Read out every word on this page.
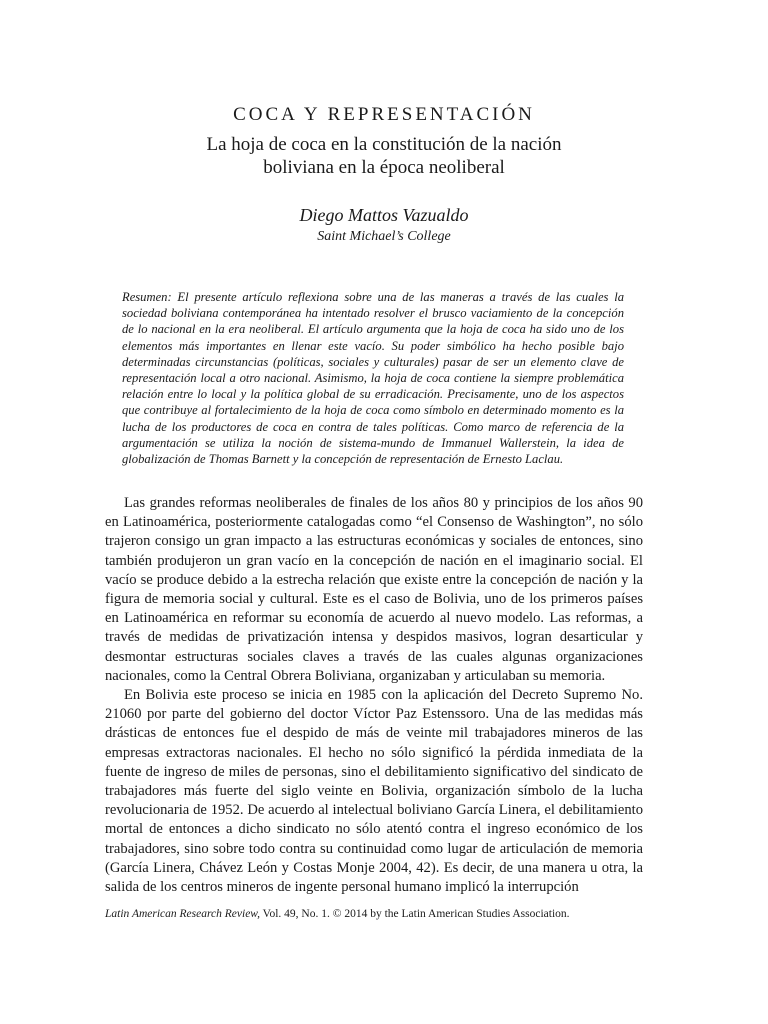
COCA Y REPRESENTACIÓN
La hoja de coca en la constitución de la nación
boliviana en la época neoliberal
Diego Mattos Vazualdo
Saint Michael’s College

Resumen: El presente artículo reflexiona sobre una de las maneras a través de las cuales la sociedad boliviana contemporánea ha intentado resolver el brusco vaciamiento de la concepción de lo nacional en la era neoliberal. El artículo argumenta que la hoja de coca ha sido uno de los elementos más importantes en llenar este vacío. Su poder simbólico ha hecho posible bajo determinadas circunstancias (políticas, sociales y culturales) pasar de ser un elemento clave de representación local a otro nacional. Asimismo, la hoja de coca contiene la siempre problemática relación entre lo local y la política global de su erradicación. Precisamente, uno de los aspectos que contribuye al fortalecimiento de la hoja de coca como símbolo en determinado momento es la lucha de los productores de coca en contra de tales políticas. Como marco de referencia de la argumentación se utiliza la noción de sistema-mundo de Immanuel Wallerstein, la idea de globalización de Thomas Barnett y la concepción de representación de Ernesto Laclau.

Las grandes reformas neoliberales de finales de los años 80 y principios de los años 90 en Latinoamérica, posteriormente catalogadas como “el Consenso de Washington”, no sólo trajeron consigo un gran impacto a las estructuras económicas y sociales de entonces, sino también produjeron un gran vacío en la concepción de nación en el imaginario social. El vacío se produce debido a la estrecha relación que existe entre la concepción de nación y la figura de memoria social y cultural. Este es el caso de Bolivia, uno de los primeros países en Latinoamérica en reformar su economía de acuerdo al nuevo modelo. Las reformas, a través de medidas de privatización intensa y despidos masivos, logran desarticular y desmontar estructuras sociales claves a través de las cuales algunas organizaciones nacionales, como la Central Obrera Boliviana, organizaban y articulaban su memoria.

En Bolivia este proceso se inicia en 1985 con la aplicación del Decreto Supremo No. 21060 por parte del gobierno del doctor Víctor Paz Estenssoro. Una de las medidas más drásticas de entonces fue el despido de más de veinte mil trabajadores mineros de las empresas extractoras nacionales. El hecho no sólo significó la pérdida inmediata de la fuente de ingreso de miles de personas, sino el debilitamiento significativo del sindicato de trabajadores más fuerte del siglo veinte en Bolivia, organización símbolo de la lucha revolucionaria de 1952. De acuerdo al intelectual boliviano García Linera, el debilitamiento mortal de entonces a dicho sindicato no sólo atentó contra el ingreso económico de los trabajadores, sino sobre todo contra su continuidad como lugar de articulación de memoria (García Linera, Chávez León y Costas Monje 2004, 42). Es decir, de una manera u otra, la salida de los centros mineros de ingente personal humano implicó la interrupción

Latin American Research Review, Vol. 49, No. 1. © 2014 by the Latin American Studies Association.
